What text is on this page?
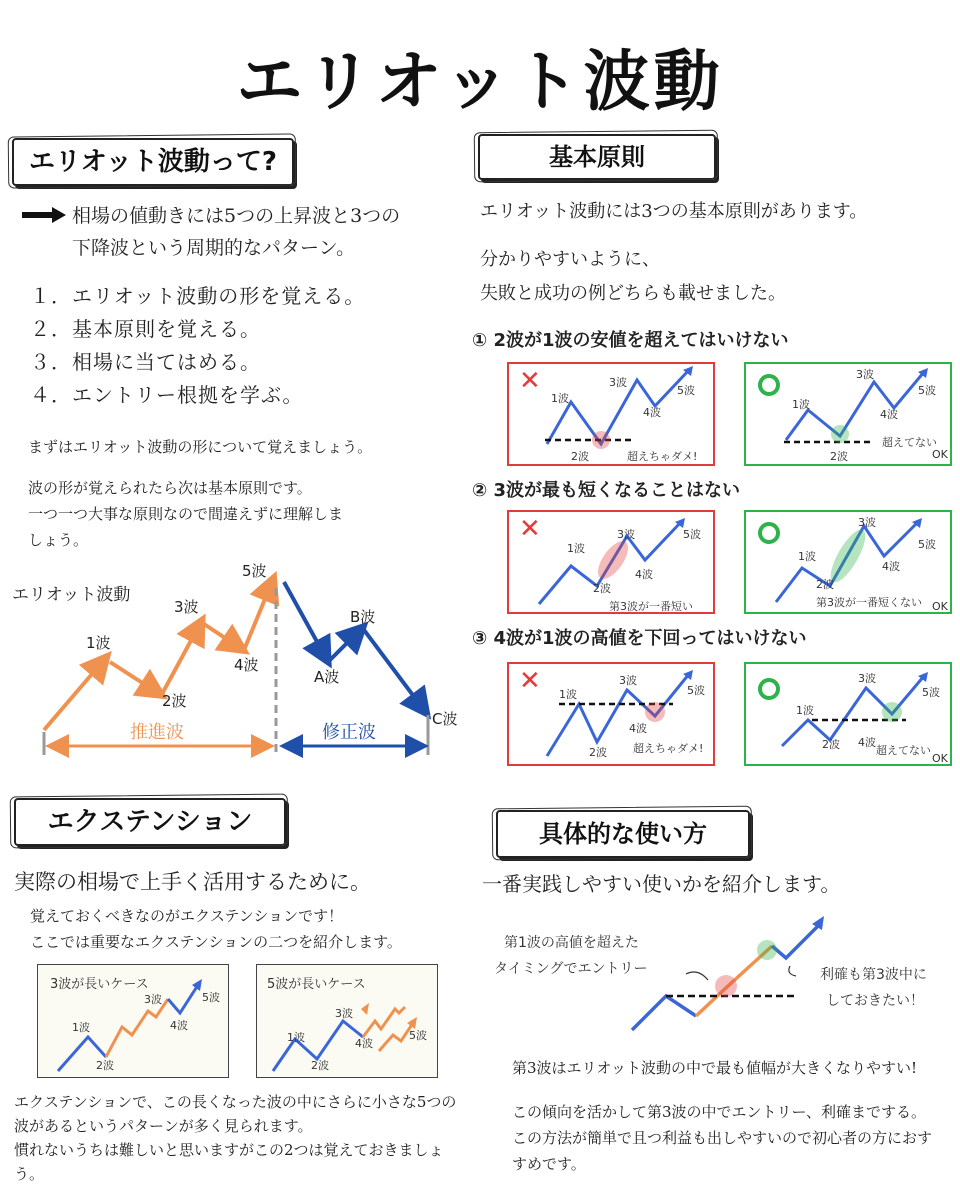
エリオット波動
エリオット波動って?
相場の値動きには5つの上昇波と3つの
下降波という周期的なパターン。
１．エリオット波動の形を覚える。
２．基本原則を覚える。
３．相場に当てはめる。
４．エントリー根拠を学ぶ。
まずはエリオット波動の形について覚えましょう。
波の形が覚えられたら次は基本原則です。
一つ一つ大事な原則なので間違えずに理解しま
しょう。
エリオット波動
1波
2波
3波
4波
5波
A波
B波
C波
推進波	修正波
基本原則
エリオット波動には3つの基本原則があります。
分かりやすいように、
失敗と成功の例どちらも載せました。
① 2波が1波の安値を超えてはいけない
② 3波が最も短くなることはない
③ 4波が1波の高値を下回ってはいけない
✕
1波
2波
3波
4波
5波
超えちゃダメ!
1波
2波
3波
4波
5波
超えてない
OK
✕
1波
2波
3波
4波
5波
第3波が一番短い
1波
2波
3波
4波
5波
第3波が一番短くない OK
✕ 1波
2波
3波
4波
5波
超えちゃダメ!
1波
2波
3波
4波
5波
超えてない
OK
エクステンション
実際の相場で上手く活用するために。
覚えておくべきなのがエクステンションです！
ここでは重要なエクステンションの二つを紹介します。
3波が長いケース
1波
2波
3波
4波
5波
5波が長いケース
1波
2波
3波
4波
5波
エクステンションで、この長くなった波の中にさらに小さな5つの
波があるというパターンが多く見られます。
慣れないうちは難しいと思いますがこの2つは覚えておきましょ
う。
具体的な使い方
一番実践しやすい使いかを紹介します。
第1波の高値を超えた
タイミングでエントリー	利確も第3波中に
しておきたい！
第3波はエリオット波動の中で最も値幅が大きくなりやすい!
この傾向を活かして第3波の中でエントリー、利確までする。
この方法が簡単で且つ利益も出しやすいので初心者の方におす
すめです。
